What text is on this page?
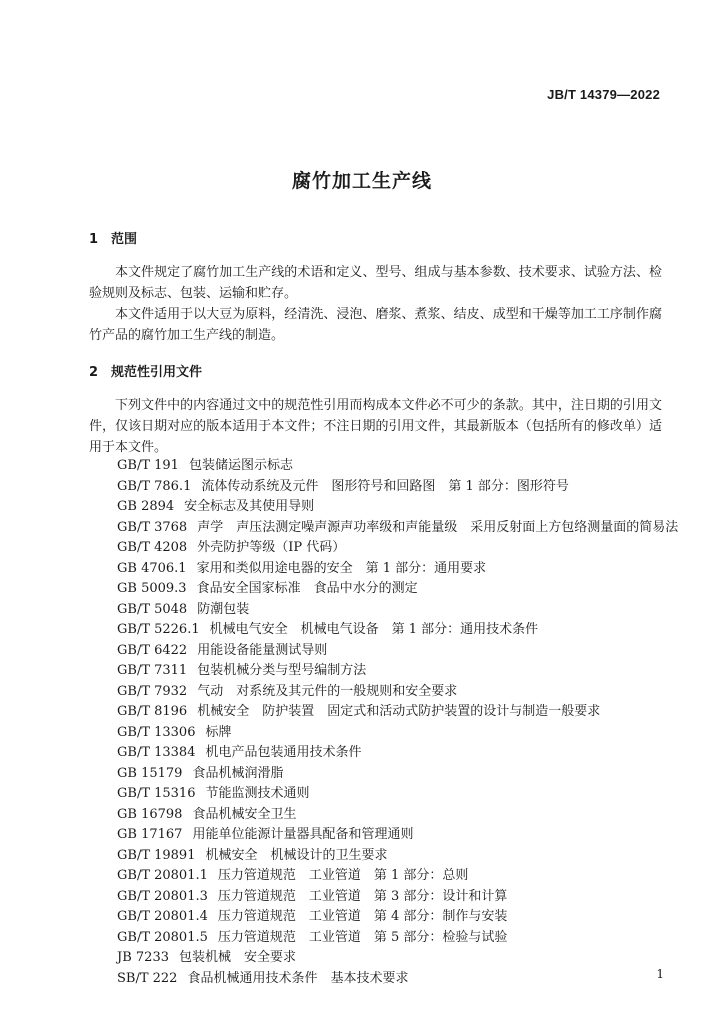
JB/T 14379—2022
腐竹加工生产线
1 范围

本文件规定了腐竹加工生产线的术语和定义、型号、组成与基本参数、技术要求、试验方法、检验规则及标志、包装、运输和贮存。

本文件适用于以大豆为原料，经清洗、浸泡、磨浆、煮浆、结皮、成型和干燥等加工工序制作腐竹产品的腐竹加工生产线的制造。

2 规范性引用文件

下列文件中的内容通过文中的规范性引用而构成本文件必不可少的条款。其中，注日期的引用文件，仅该日期对应的版本适用于本文件；不注日期的引用文件，其最新版本（包括所有的修改单）适用于本文件。

GB/T 191 包装储运图示标志
GB/T 786.1 流体传动系统及元件　图形符号和回路图　第 1 部分：图形符号
GB 2894 安全标志及其使用导则
GB/T 3768 声学　声压法测定噪声源声功率级和声能量级　采用反射面上方包络测量面的简易法
GB/T 4208 外壳防护等级（IP 代码）
GB 4706.1 家用和类似用途电器的安全　第 1 部分：通用要求
GB 5009.3 食品安全国家标准　食品中水分的测定
GB/T 5048 防潮包装
GB/T 5226.1 机械电气安全　机械电气设备　第 1 部分：通用技术条件
GB/T 6422 用能设备能量测试导则
GB/T 7311 包装机械分类与型号编制方法
GB/T 7932 气动　对系统及其元件的一般规则和安全要求
GB/T 8196 机械安全　防护装置　固定式和活动式防护装置的设计与制造一般要求
GB/T 13306 标牌
GB/T 13384 机电产品包装通用技术条件
GB 15179 食品机械润滑脂
GB/T 15316 节能监测技术通则
GB 16798 食品机械安全卫生
GB 17167 用能单位能源计量器具配备和管理通则
GB/T 19891 机械安全　机械设计的卫生要求
GB/T 20801.1 压力管道规范　工业管道　第 1 部分：总则
GB/T 20801.3 压力管道规范　工业管道　第 3 部分：设计和计算
GB/T 20801.4 压力管道规范　工业管道　第 4 部分：制作与安装
GB/T 20801.5 压力管道规范　工业管道　第 5 部分：检验与试验
JB 7233 包装机械　安全要求
SB/T 222 食品机械通用技术条件　基本技术要求	1
